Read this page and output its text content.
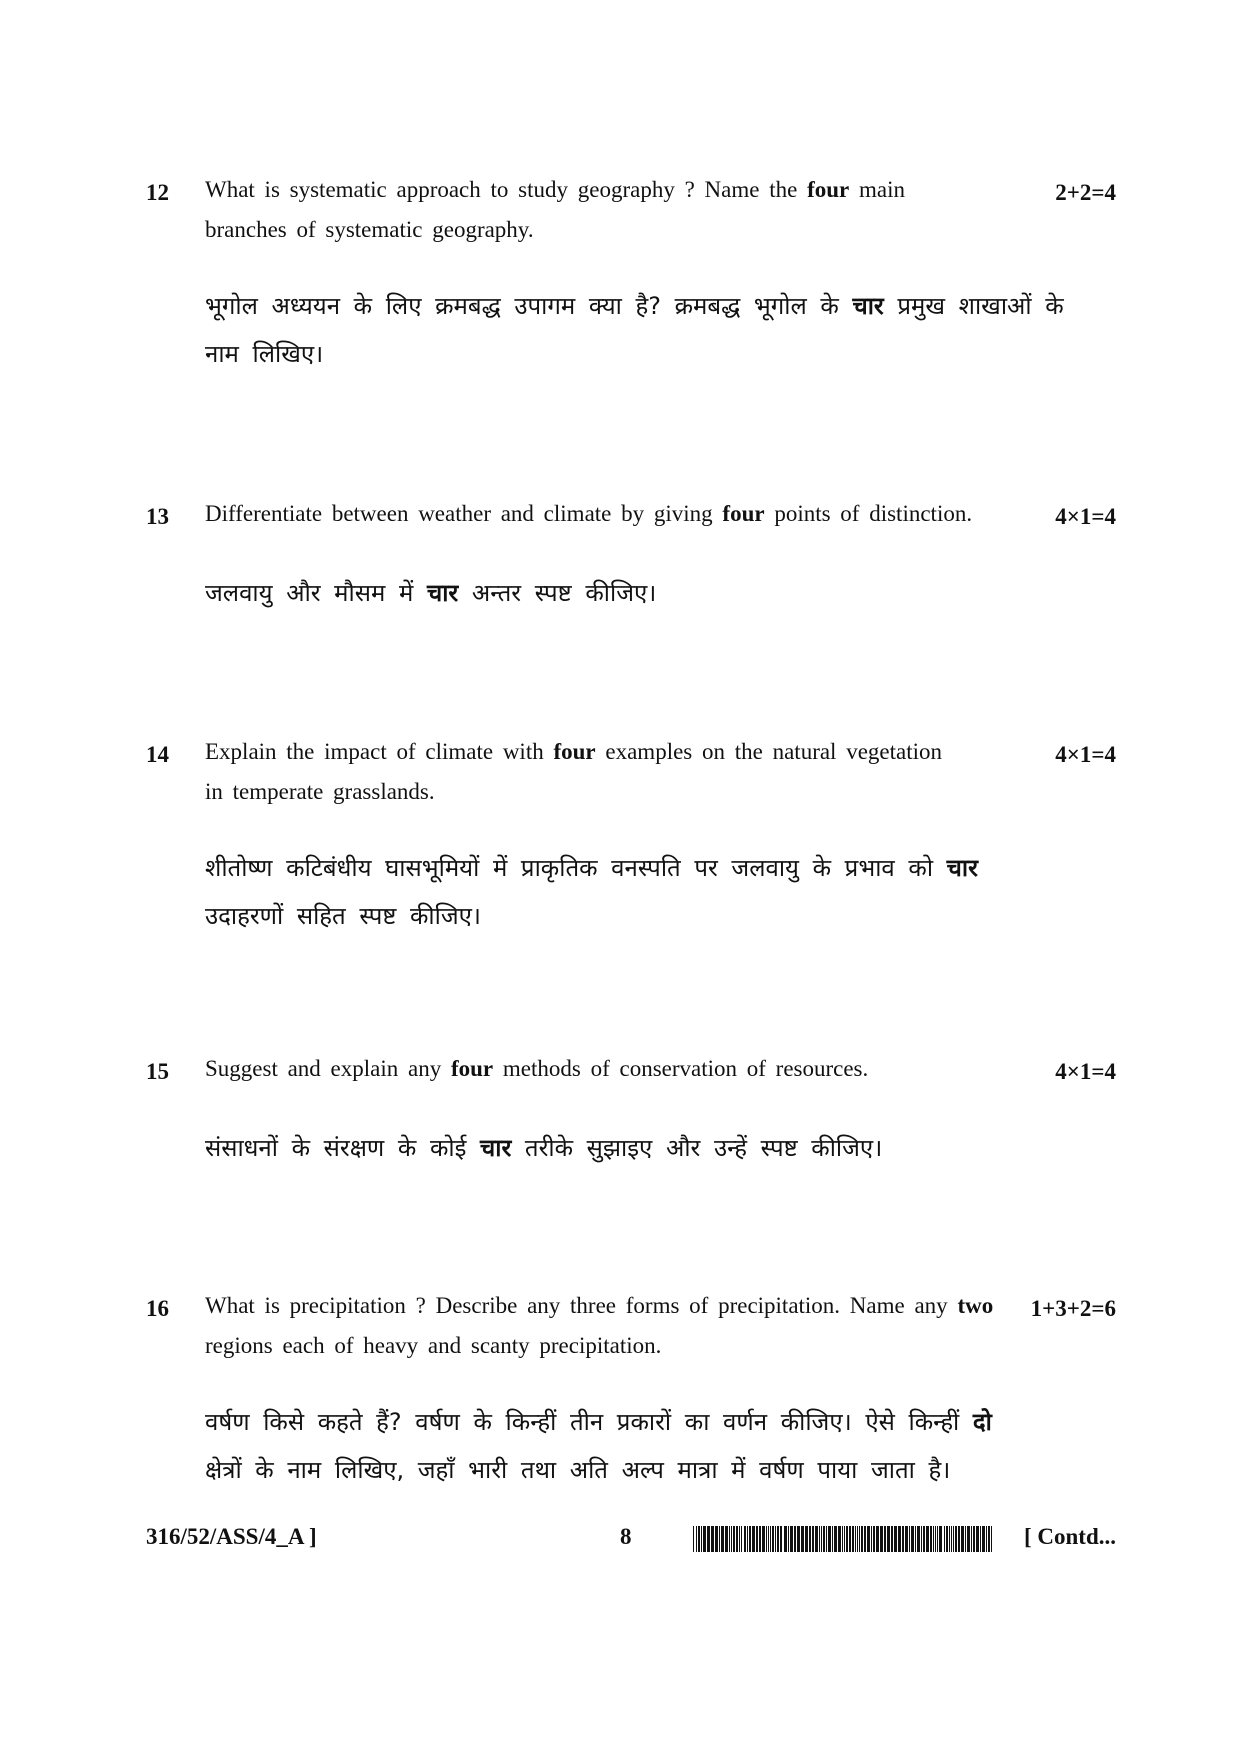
12 What is systematic approach to study geography ? Name the four main
branches of systematic geography.
2+2=4
भूगोल अध्ययन के लिए क्रमबद्ध उपागम क्या है? क्रमबद्ध भूगोल के चार प्रमुख शाखाओं के
नाम लिखिए।
13 Differentiate between weather and climate by giving four points of distinction.	4×1=4
जलवायु और मौसम में चार अन्तर स्पष्ट कीजिए।
14 Explain the impact of climate with four examples on the natural vegetation
in temperate grasslands.
4×1=4
शीतोष्ण कटिबंधीय घासभूमियों में प्राकृतिक वनस्पति पर जलवायु के प्रभाव को चार
उदाहरणों सहित स्पष्ट कीजिए।
15 Suggest and explain any four methods of conservation of resources.	4×1=4
संसाधनों के संरक्षण के कोई चार तरीके सुझाइए और उन्हें स्पष्ट कीजिए।
16 What is precipitation ? Describe any three forms of precipitation. Name any two
regions each of heavy and scanty precipitation.
1+3+2=6
वर्षण किसे कहते हैं? वर्षण के किन्हीं तीन प्रकारों का वर्णन कीजिए। ऐसे किन्हीं दो
क्षेत्रों के नाम लिखिए, जहाँ भारी तथा अति अल्प मात्रा में वर्षण पाया जाता है।
316/52/ASS/4_A ]	8	[ Contd...
